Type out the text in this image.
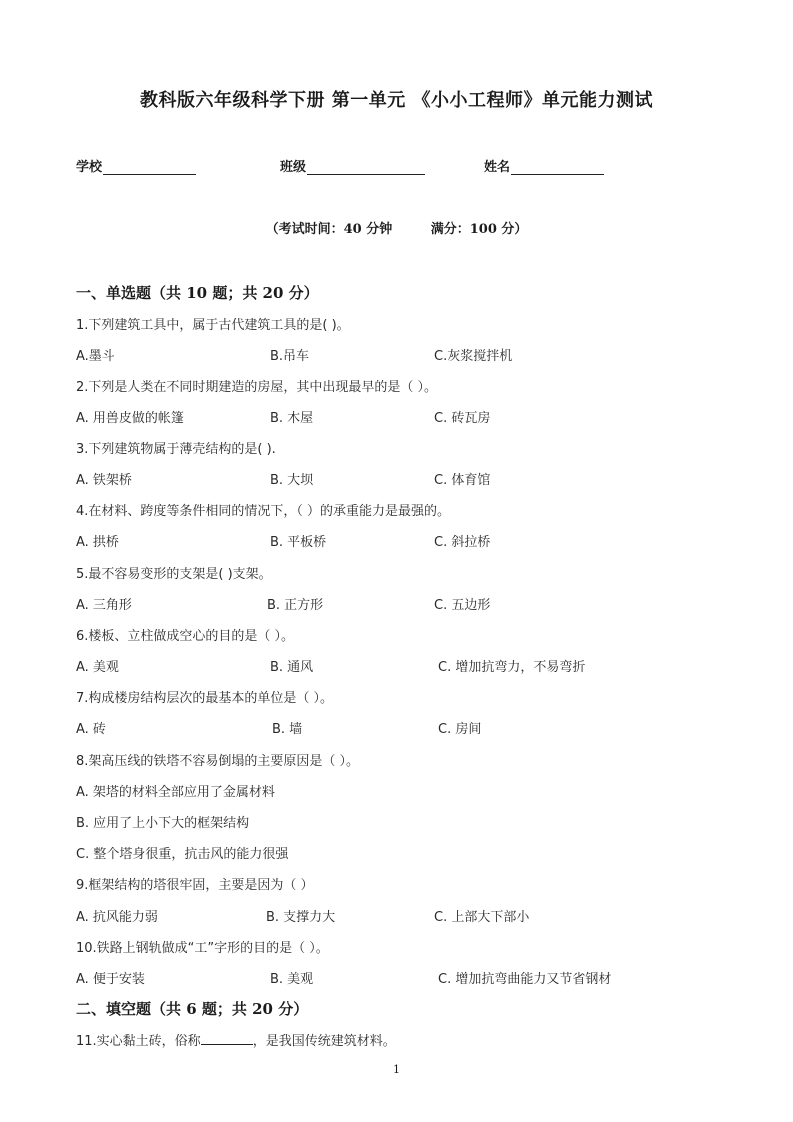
教科版六年级科学下册 第一单元 《小小工程师》单元能力测试
学校	班级	姓名
（考试时间：40 分钟	满分：100 分）
一、单选题（共 10 题；共 20 分）
二、填空题（共 6 题；共 20 分）
1.下列建筑工具中，属于古代建筑工具的是( )。
A.墨斗	B.吊车	C.灰浆搅拌机
2.下列是人类在不同时期建造的房屋，其中出现最早的是（ ）。
A. 用兽皮做的帐篷	B. 木屋	C. 砖瓦房
3.下列建筑物属于薄壳结构的是( ).
A. 铁架桥	B. 大坝	C. 体育馆
4.在材料、跨度等条件相同的情况下，（ ）的承重能力是最强的。
A. 拱桥	B. 平板桥	C. 斜拉桥
5.最不容易变形的支架是( )支架。
A. 三角形	B. 正方形	C. 五边形
6.楼板、立柱做成空心的目的是（ ）。
A. 美观	B. 通风	C. 增加抗弯力，不易弯折
7.构成楼房结构层次的最基本的单位是（ ）。
A. 砖	B. 墙	C. 房间
8.架高压线的铁塔不容易倒塌的主要原因是（ ）。
A. 架塔的材料全部应用了金属材料
B. 应用了上小下大的框架结构
C. 整个塔身很重，抗击风的能力很强
9.框架结构的塔很牢固，主要是因为（ ）
A. 抗风能力弱	B. 支撑力大	C. 上部大下部小
10.铁路上钢轨做成“工”字形的目的是（ ）。
A. 便于安装	B. 美观	C. 增加抗弯曲能力又节省钢材
11.实心黏土砖，俗称	，是我国传统建筑材料。
1
